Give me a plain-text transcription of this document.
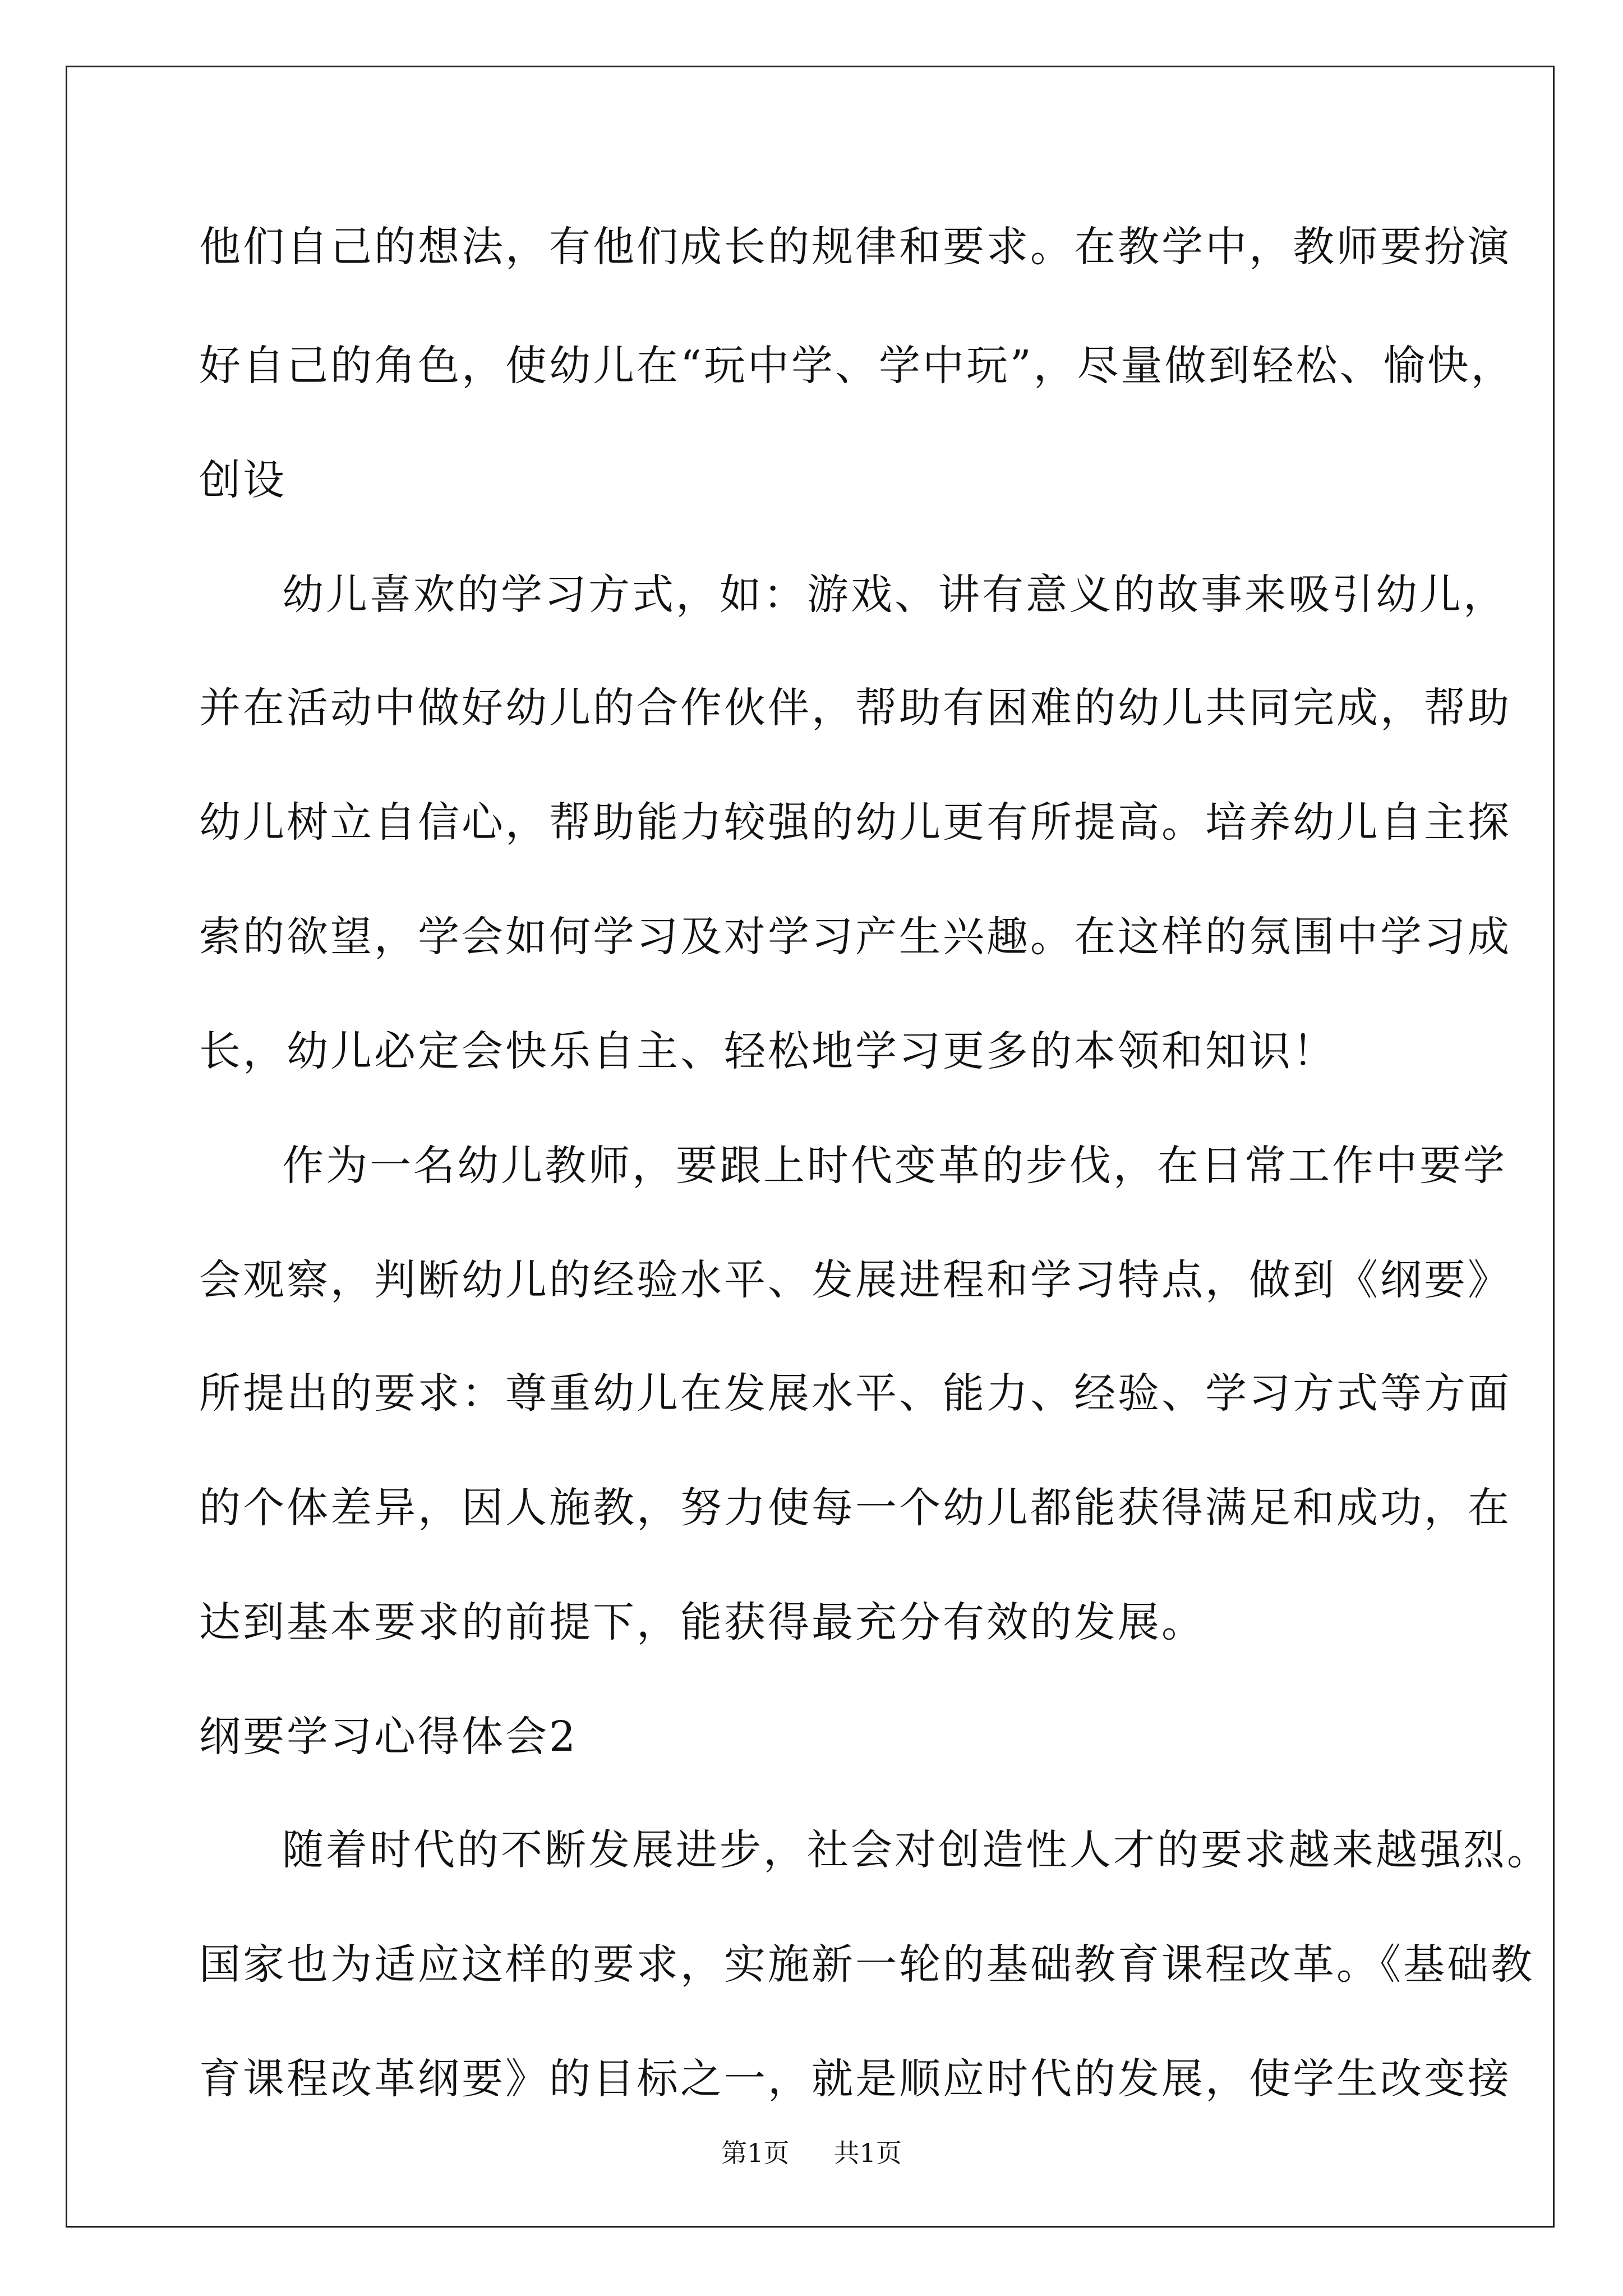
他们自己的想法，有他们成长的规律和要求。在教学中，教师要扮演
好自己的角色，使幼儿在“玩中学、学中玩”，尽量做到轻松、愉快，
创设
幼儿喜欢的学习方式，如：游戏、讲有意义的故事来吸引幼儿，
并在活动中做好幼儿的合作伙伴，帮助有困难的幼儿共同完成，帮助
幼儿树立自信心，帮助能力较强的幼儿更有所提高。培养幼儿自主探
索的欲望，学会如何学习及对学习产生兴趣。在这样的氛围中学习成
长，幼儿必定会快乐自主、轻松地学习更多的本领和知识！
作为一名幼儿教师，要跟上时代变革的步伐，在日常工作中要学
会观察，判断幼儿的经验水平、发展进程和学习特点，做到《纲要》
所提出的要求：尊重幼儿在发展水平、能力、经验、学习方式等方面
的个体差异，因人施教，努力使每一个幼儿都能获得满足和成功，在
达到基本要求的前提下，能获得最充分有效的发展。
纲要学习心得体会2
随着时代的不断发展进步，社会对创造性人才的要求越来越强烈。
国家也为适应这样的要求，实施新一轮的基础教育课程改革。《基础教
育课程改革纲要》的目标之一，就是顺应时代的发展，使学生改变接
第1页 共1页
